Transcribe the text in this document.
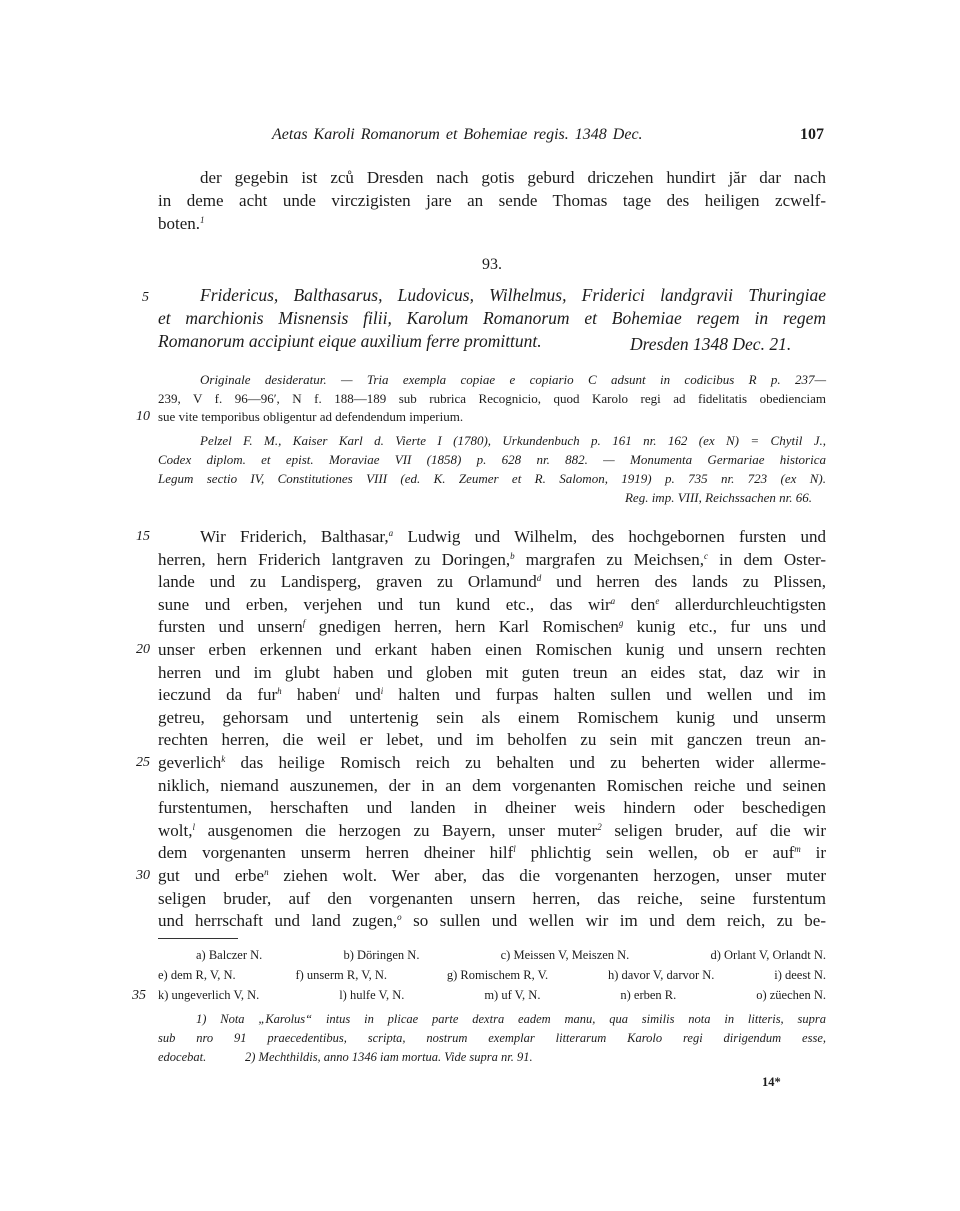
Aetas Karoli Romanorum et Bohemiae regis. 1348 Dec.	107
der gegebin ist zců Dresden nach gotis geburd driczehen hundirt jăr dar nach
in deme acht unde virczigisten jare an sende Thomas tage des heiligen zcwelf-
boten.$^1$
93.
5	Fridericus, Balthasarus, Ludovicus, Wilhelmus, Friderici landgravii Thuringiae
et marchionis Misnensis filii, Karolum Romanorum et Bohemiae regem in regem
Romanorum accipiunt eique auxilium ferre promittunt.	Dresden 1348 Dec. 21.
Originale desideratur. — Tria exempla copiae e copiario C adsunt in codicibus R p. 237—
239, V f. 96—96′, N f. 188—189 sub rubrica Recognicio, quod Karolo regi ad fidelitatis obedienciam
10 sue vite temporibus obligentur ad defendendum imperium.
Pelzel F. M., Kaiser Karl d. Vierte I (1780), Urkundenbuch p. 161 nr. 162 (ex N) = Chytil J.,
Codex diplom. et epist. Moraviae VII (1858) p. 628 nr. 882. — Monumenta Germariae historica
Legum sectio IV, Constitutiones VIII (ed. K. Zeumer et R. Salomon, 1919) p. 735 nr. 723 (ex N).
Reg. imp. VIII, Reichssachen nr. 66.
15
20
25
30
Wir Friderich, Balthasar,$^a$ Ludwig und Wilhelm, des hochgebornen fursten und
herren, hern Friderich lantgraven zu Doringen,$^b$ margrafen zu Meichsen,$^c$ in dem Oster-
lande und zu Landisperg, graven zu Orlamund$^d$ und herren des lands zu Plissen,
sune und erben, verjehen und tun kund etc., das wir$^a$ den$^e$ allerdurchleuchtigsten
fursten und unsern$^f$ gnedigen herren, hern Karl Romischen$^g$ kunig etc., fur uns und
unser erben erkennen und erkant haben einen Romischen kunig und unsern rechten
herren und im glubt haben und globen mit guten treun an eides stat, daz wir in
ieczund da fur$^h$ haben$^i$ und$^i$ halten und furpas halten sullen und wellen und im
getreu, gehorsam und untertenig sein als einem Romischem kunig und unserm
rechten herren, die weil er lebet, und im beholfen zu sein mit ganczen treun an-
geverlich$^k$ das heilige Romisch reich zu behalten und zu beherten wider allerme-
niklich, niemand auszunemen, der in an dem vorgenanten Romischen reiche und seinen
furstentumen, herschaften und landen in dheiner weis hindern oder beschedigen
wolt,$^l$ ausgenomen die herzogen zu Bayern, unser muter$^2$ seligen bruder, auf die wir
dem vorgenanten unserm herren dheiner hilf$^l$ phlichtig sein wellen, ob er auf$^m$ ir
gut und erbe$^n$ ziehen wolt. Wer aber, das die vorgenanten herzogen, unser muter
seligen bruder, auf den vorgenanten unsern herren, das reiche, seine furstentum
und herrschaft und land zugen,$^o$ so sullen und wellen wir im und dem reich, zu be-
a) Balczer N.	b) Döringen N.	c) Meissen V, Meiszen N.	d) Orlant V, Orlandt N.
e) dem R, V, N.	f) unserm R, V, N.	g) Romischem R, V.	h) davor V, darvor N.	i) deest N.
k) ungeverlich V, N.	l) hulfe V, N.	m) uf V, N.	n) erben R.	o) züechen N.
35
1) Nota „Karolus“ intus in plicae parte dextra eadem manu, qua similis nota in litteris, supra
sub nro 91 praecedentibus, scripta, nostrum exemplar litterarum Karolo regi dirigendum esse,
edocebat.	2) Mechthildis, anno 1346 iam mortua. Vide supra nr. 91.
14*
